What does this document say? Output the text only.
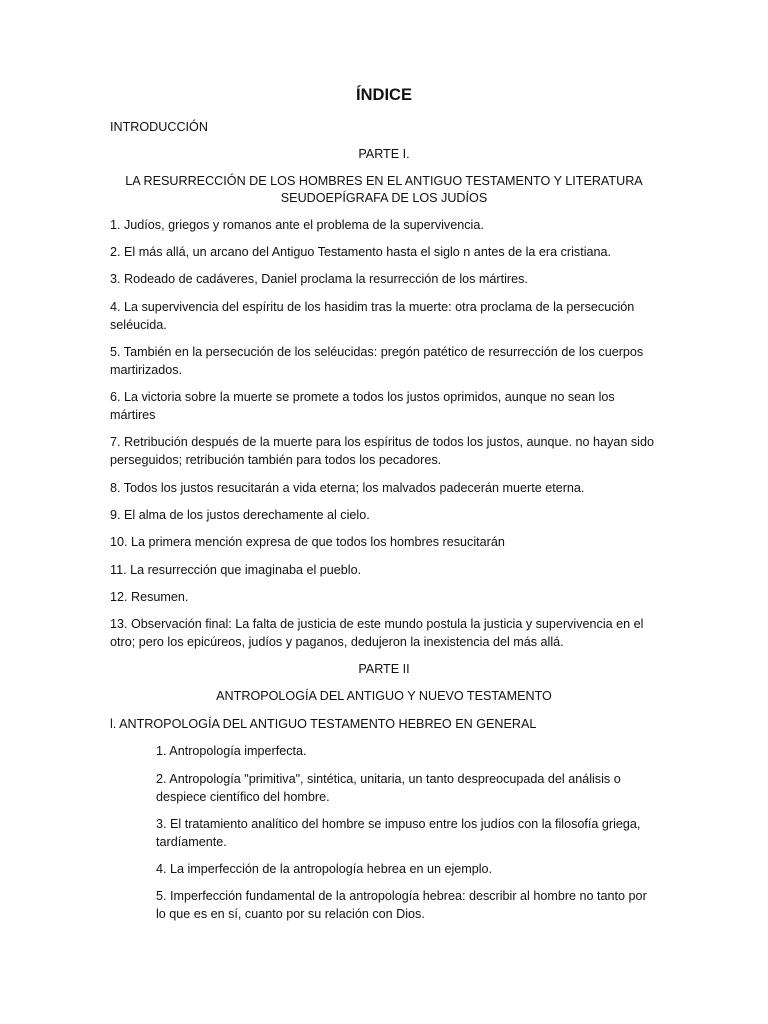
ÍNDICE
INTRODUCCIÓN
PARTE I.
LA RESURRECCIÓN DE LOS HOMBRES EN EL ANTIGUO TESTAMENTO Y LITERATURA
SEUDOEPÍGRAFA DE LOS JUDÍOS
1. Judíos, griegos y romanos ante el problema de la supervivencia.
2. El más allá, un arcano del Antiguo Testamento hasta el siglo n antes de la era cristiana.
3. Rodeado de cadáveres, Daniel proclama la resurrección de los mártires.
4. La supervivencia del espíritu de los hasidim tras la muerte: otra proclama de la persecución seléucida.
5. También en la persecución de los seléucidas: pregón patético de resurrección de los cuerpos martirizados.
6. La victoria sobre la muerte se promete a todos los justos oprimidos, aunque no sean los mártires
7. Retribución después de la muerte para los espíritus de todos los justos, aunque. no hayan sido perseguidos; retribución también para todos los pecadores.
8. Todos los justos resucitarán a vida eterna; los malvados padecerán muerte eterna.
9. El alma de los justos derechamente al cielo.
10. La primera mención expresa de que todos los hombres resucitarán
11. La resurrección que imaginaba el pueblo.
12. Resumen.
13. Observación final: La falta de justicia de este mundo postula la justicia y supervivencia en el otro; pero los epicúreos, judíos y paganos, dedujeron la inexistencia del más allá.
PARTE II
ANTROPOLOGÍA DEL ANTIGUO Y NUEVO TESTAMENTO
l. ANTROPOLOGÍA DEL ANTIGUO TESTAMENTO HEBREO EN GENERAL
1. Antropología imperfecta.
2. Antropología "primitiva", sintética, unitaria, un tanto despreocupada del análisis o despiece científico del hombre.
3. El tratamiento analítico del hombre se impuso entre los judíos con la filosofía griega, tardíamente.
4. La imperfección de la antropología hebrea en un ejemplo.
5. Imperfección fundamental de la antropología hebrea: describir al hombre no tanto por lo que es en sí, cuanto por su relación con Dios.
